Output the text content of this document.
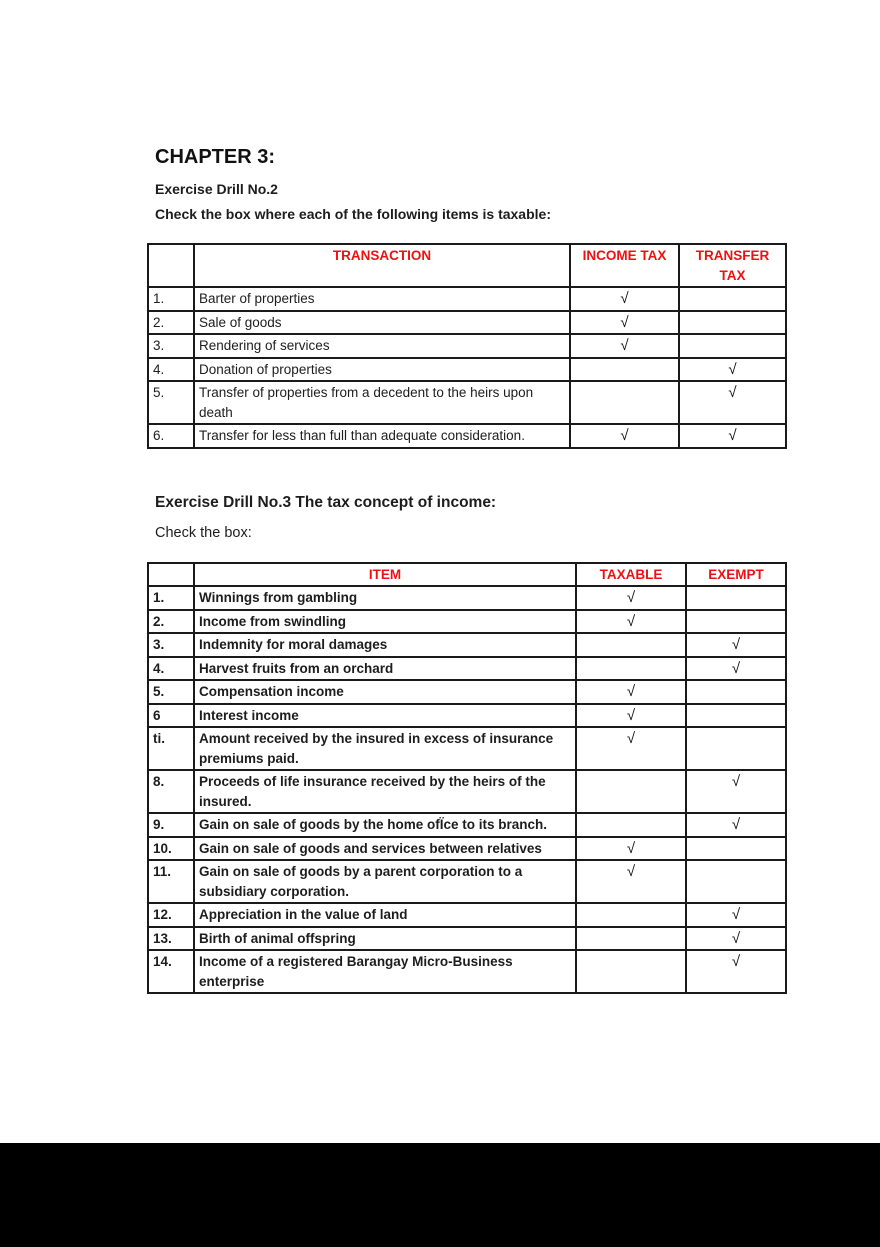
CHAPTER 3:

Exercise Drill No.2

Check the box where each of the following items is taxable:

	TRANSACTION	INCOME TAX	TRANSFER TAX
1.	Barter of properties	√	
2.	Sale of goods	√	
3.	Rendering of services	√	
4.	Donation of properties		√
5.	Transfer of properties from a decedent to the heirs upon death		√
6.	Transfer for less than full than adequate consideration.	√	√

Exercise Drill No.3 The tax concept of income:

Check the box:

	ITEM	TAXABLE	EXEMPT
1.	Winnings from gambling	√	
2.	Income from swindling	√	
3.	Indemnity for moral damages		√
4.	Harvest fruits from an orchard		√
5.	Compensation income	√	
6	Interest income	√	
ti.	Amount received by the insured in excess of insurance premiums paid.	√	
8.	Proceeds of life insurance received by the heirs of the insured.		√
9.	Gain on sale of goods by the home ofÏce to its branch.		√
10.	Gain on sale of goods and services between relatives	√	
11.	Gain on sale of goods by a parent corporation to a subsidiary corporation.	√	
12.	Appreciation in the value of land		√
13.	Birth of animal offspring		√
14.	Income of a registered Barangay Micro-Business enterprise		√
